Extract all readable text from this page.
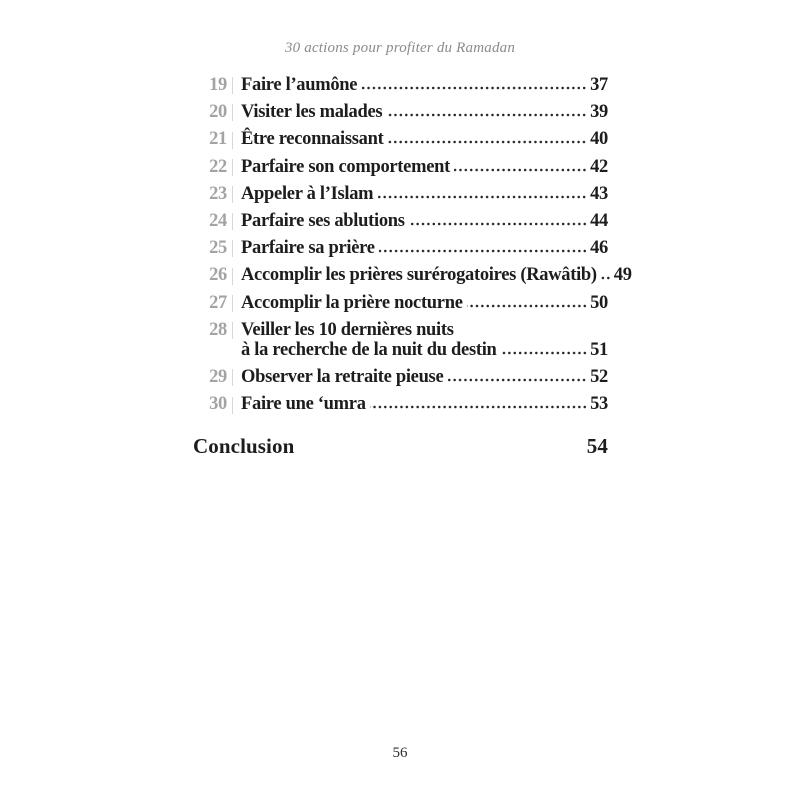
30 actions pour profiter du Ramadan
19 Faire l’aumône	37
20 Visiter les malades	39
21 Être reconnaissant	40
22 Parfaire son comportement	42
23 Appeler à l’Islam	43
24 Parfaire ses ablutions	44
25 Parfaire sa prière	46
26 Accomplir les prières surérogatoires (Rawâtib) 49
27 Accomplir la prière nocturne	50
28 Veiller les 10 dernières nuits
à la recherche de la nuit du destin	51
29 Observer la retraite pieuse	52
30 Faire une ‘umra	53
Conclusion	54
56
